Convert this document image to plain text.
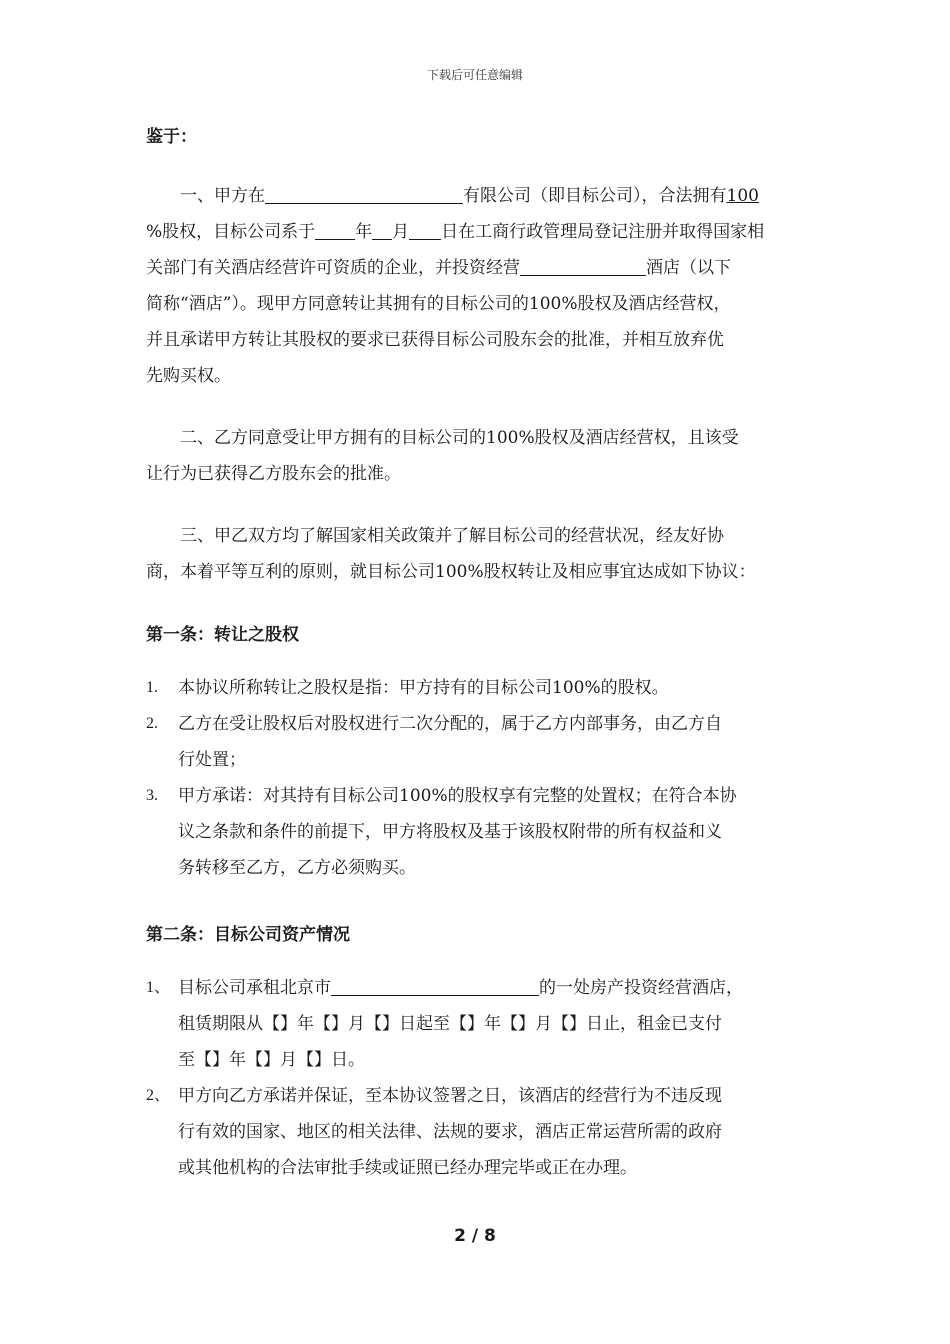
下载后可任意编辑
鉴于：
一、甲方在	有限公司（即目标公司），合法拥有100
%股权，目标公司系于 年 月 日在工商行政管理局登记注册并取得国家相
关部门有关酒店经营许可资质的企业，并投资经营	酒店（以下
简称“酒店”）。现甲方同意转让其拥有的目标公司的100%股权及酒店经营权，
并且承诺甲方转让其股权的要求已获得目标公司股东会的批准，并相互放弃优
先购买权。
二、乙方同意受让甲方拥有的目标公司的100%股权及酒店经营权，且该受
让行为已获得乙方股东会的批准。
三、甲乙双方均了解国家相关政策并了解目标公司的经营状况，经友好协
商，本着平等互利的原则，就目标公司100%股权转让及相应事宜达成如下协议：
第一条：转让之股权
1.	本协议所称转让之股权是指：甲方持有的目标公司100%的股权。
2.	乙方在受让股权后对股权进行二次分配的，属于乙方内部事务，由乙方自
行处置；
3.	甲方承诺：对其持有目标公司100%的股权享有完整的处置权；在符合本协
议之条款和条件的前提下，甲方将股权及基于该股权附带的所有权益和义
务转移至乙方，乙方必须购买。
第二条：目标公司资产情况
1、 目标公司承租北京市	的一处房产投资经营酒店，
租赁期限从【】年【】月【】日起至【】年【】月【】日止，租金已支付
至【】年【】月【】日。
2、 甲方向乙方承诺并保证，至本协议签署之日，该酒店的经营行为不违反现
行有效的国家、地区的相关法律、法规的要求，酒店正常运营所需的政府
或其他机构的合法审批手续或证照已经办理完毕或正在办理。
2 / 8
